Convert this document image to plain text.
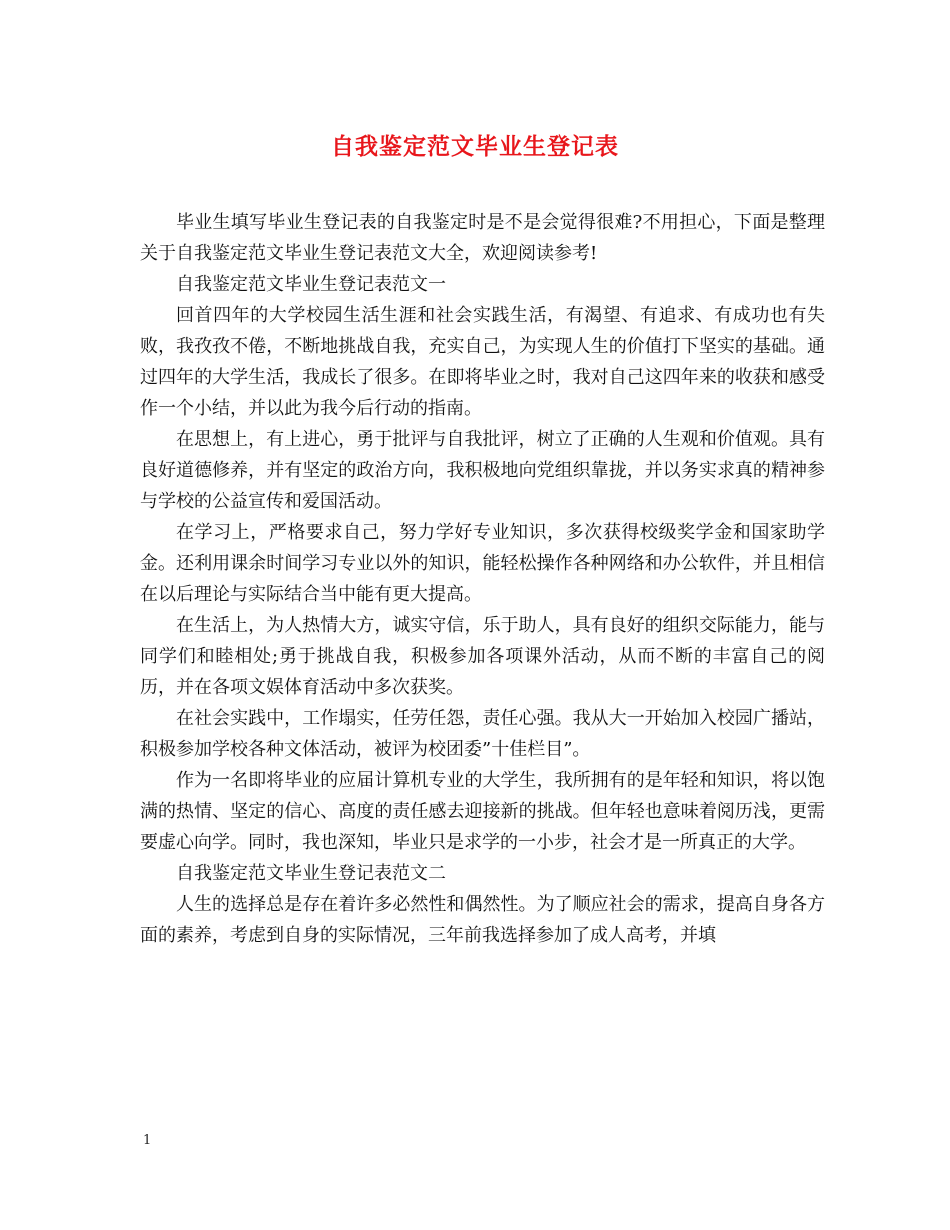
自我鉴定范文毕业生登记表

毕业生填写毕业生登记表的自我鉴定时是不是会觉得很难?不用担心，下面是整理关于自我鉴定范文毕业生登记表范文大全，欢迎阅读参考!

自我鉴定范文毕业生登记表范文一

回首四年的大学校园生活生涯和社会实践生活，有渴望、有追求、有成功也有失败，我孜孜不倦，不断地挑战自我，充实自己，为实现人生的价值打下坚实的基础。通过四年的大学生活，我成长了很多。在即将毕业之时，我对自己这四年来的收获和感受作一个小结，并以此为我今后行动的指南。

在思想上，有上进心，勇于批评与自我批评，树立了正确的人生观和价值观。具有良好道德修养，并有坚定的政治方向，我积极地向党组织靠拢，并以务实求真的精神参与学校的公益宣传和爱国活动。

在学习上，严格要求自己，努力学好专业知识，多次获得校级奖学金和国家助学金。还利用课余时间学习专业以外的知识，能轻松操作各种网络和办公软件，并且相信在以后理论与实际结合当中能有更大提高。

在生活上，为人热情大方，诚实守信，乐于助人，具有良好的组织交际能力，能与同学们和睦相处;勇于挑战自我，积极参加各项课外活动，从而不断的丰富自己的阅历，并在各项文娱体育活动中多次获奖。

在社会实践中，工作塌实，任劳任怨，责任心强。我从大一开始加入校园广播站，积极参加学校各种文体活动，被评为校团委”十佳栏目”。

作为一名即将毕业的应届计算机专业的大学生，我所拥有的是年轻和知识，将以饱满的热情、坚定的信心、高度的责任感去迎接新的挑战。但年轻也意味着阅历浅，更需要虚心向学。同时，我也深知，毕业只是求学的一小步，社会才是一所真正的大学。

自我鉴定范文毕业生登记表范文二

人生的选择总是存在着许多必然性和偶然性。为了顺应社会的需求，提高自身各方面的素养，考虑到自身的实际情况，三年前我选择参加了成人高考，并填

1
